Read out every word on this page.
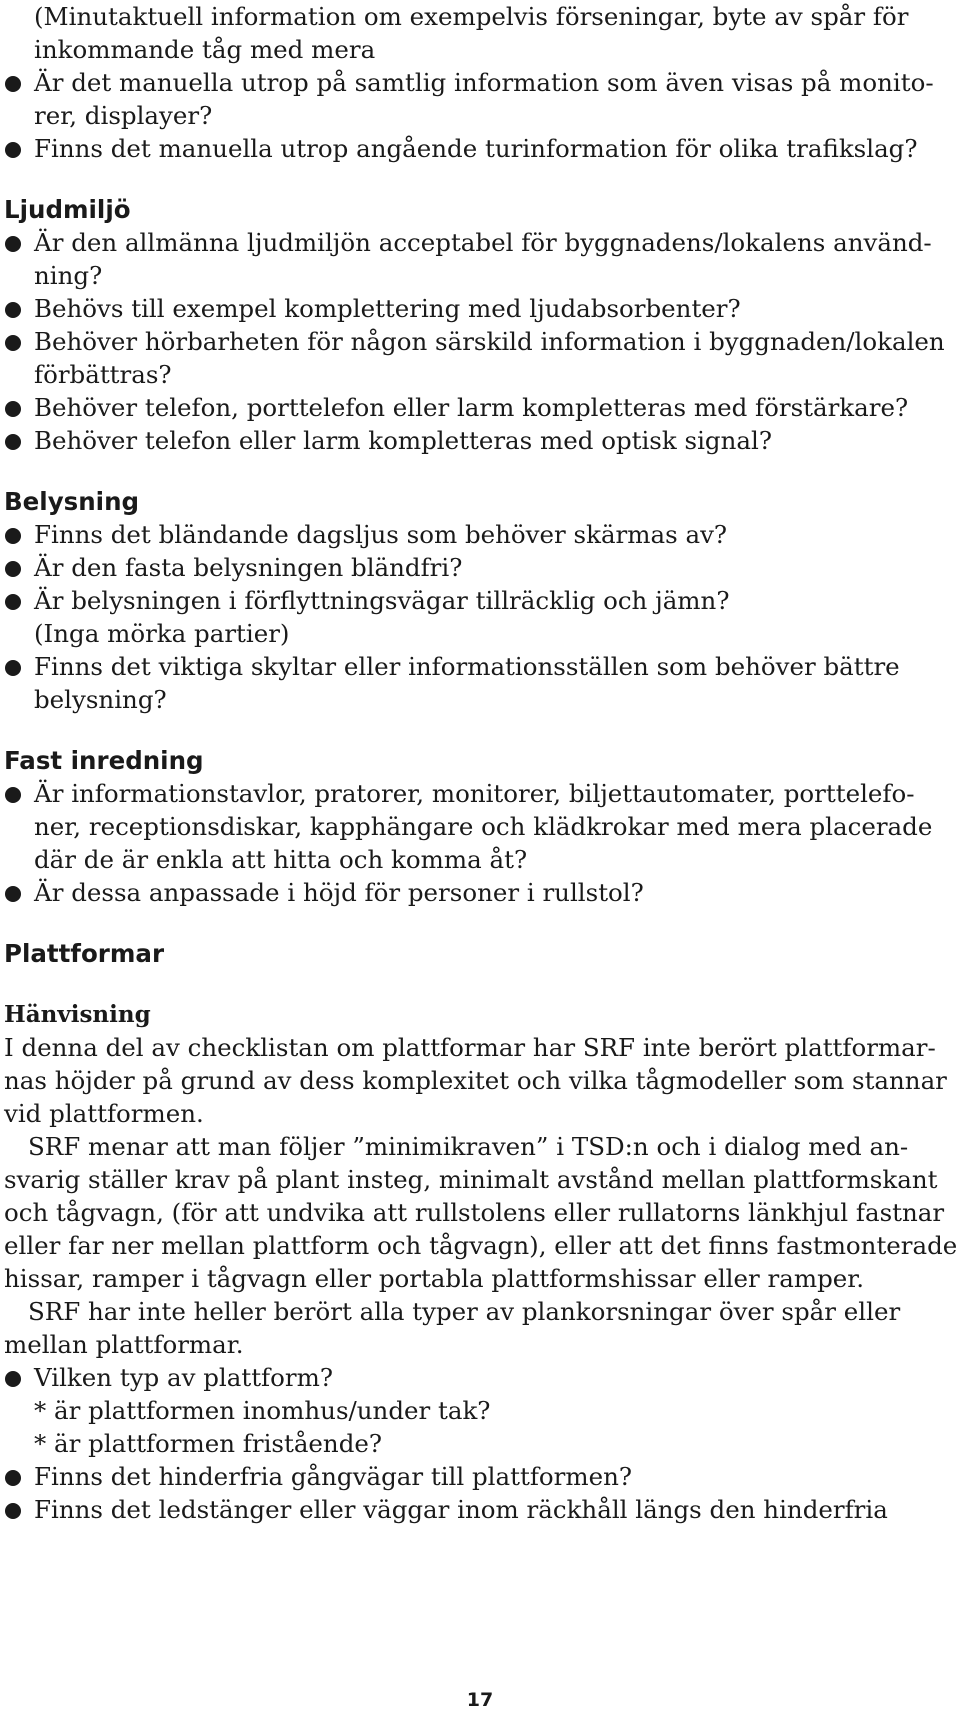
(Minutaktuell information om exempelvis förseningar, byte av spår för
inkommande tåg med mera
Är det manuella utrop på samtlig information som även visas på monito-
rer, displayer?
Finns det manuella utrop angående turinformation för olika trafikslag?
Ljudmiljö
Är den allmänna ljudmiljön acceptabel för byggnadens/lokalens använd-
ning?
Behövs till exempel komplettering med ljudabsorbenter?
Behöver hörbarheten för någon särskild information i byggnaden/lokalen
förbättras?
Behöver telefon, porttelefon eller larm kompletteras med förstärkare?
Behöver telefon eller larm kompletteras med optisk signal?
Belysning
Finns det bländande dagsljus som behöver skärmas av?
Är den fasta belysningen bländfri?
Är belysningen i förflyttningsvägar tillräcklig och jämn?
(Inga mörka partier)
Finns det viktiga skyltar eller informationsställen som behöver bättre
belysning?
Fast inredning
Är informationstavlor, pratorer, monitorer, biljettautomater, porttelefo-
ner, receptionsdiskar, kapphängare och klädkrokar med mera placerade
där de är enkla att hitta och komma åt?
Är dessa anpassade i höjd för personer i rullstol?
Plattformar
Hänvisning
I denna del av checklistan om plattformar har SRF inte berört plattformar-
nas höjder på grund av dess komplexitet och vilka tågmodeller som stannar
vid plattformen.
SRF menar att man följer ”minimikraven” i TSD:n och i dialog med an-
svarig ställer krav på plant insteg, minimalt avstånd mellan plattformskant
och tågvagn, (för att undvika att rullstolens eller rullatorns länkhjul fastnar
eller far ner mellan plattform och tågvagn), eller att det finns fastmonterade
hissar, ramper i tågvagn eller portabla plattformshissar eller ramper.
SRF har inte heller berört alla typer av plankorsningar över spår eller
mellan plattformar.
Vilken typ av plattform?
* är plattformen inomhus/under tak?
* är plattformen fristående?
Finns det hinderfria gångvägar till plattformen?
Finns det ledstänger eller väggar inom räckhåll längs den hinderfria
17
